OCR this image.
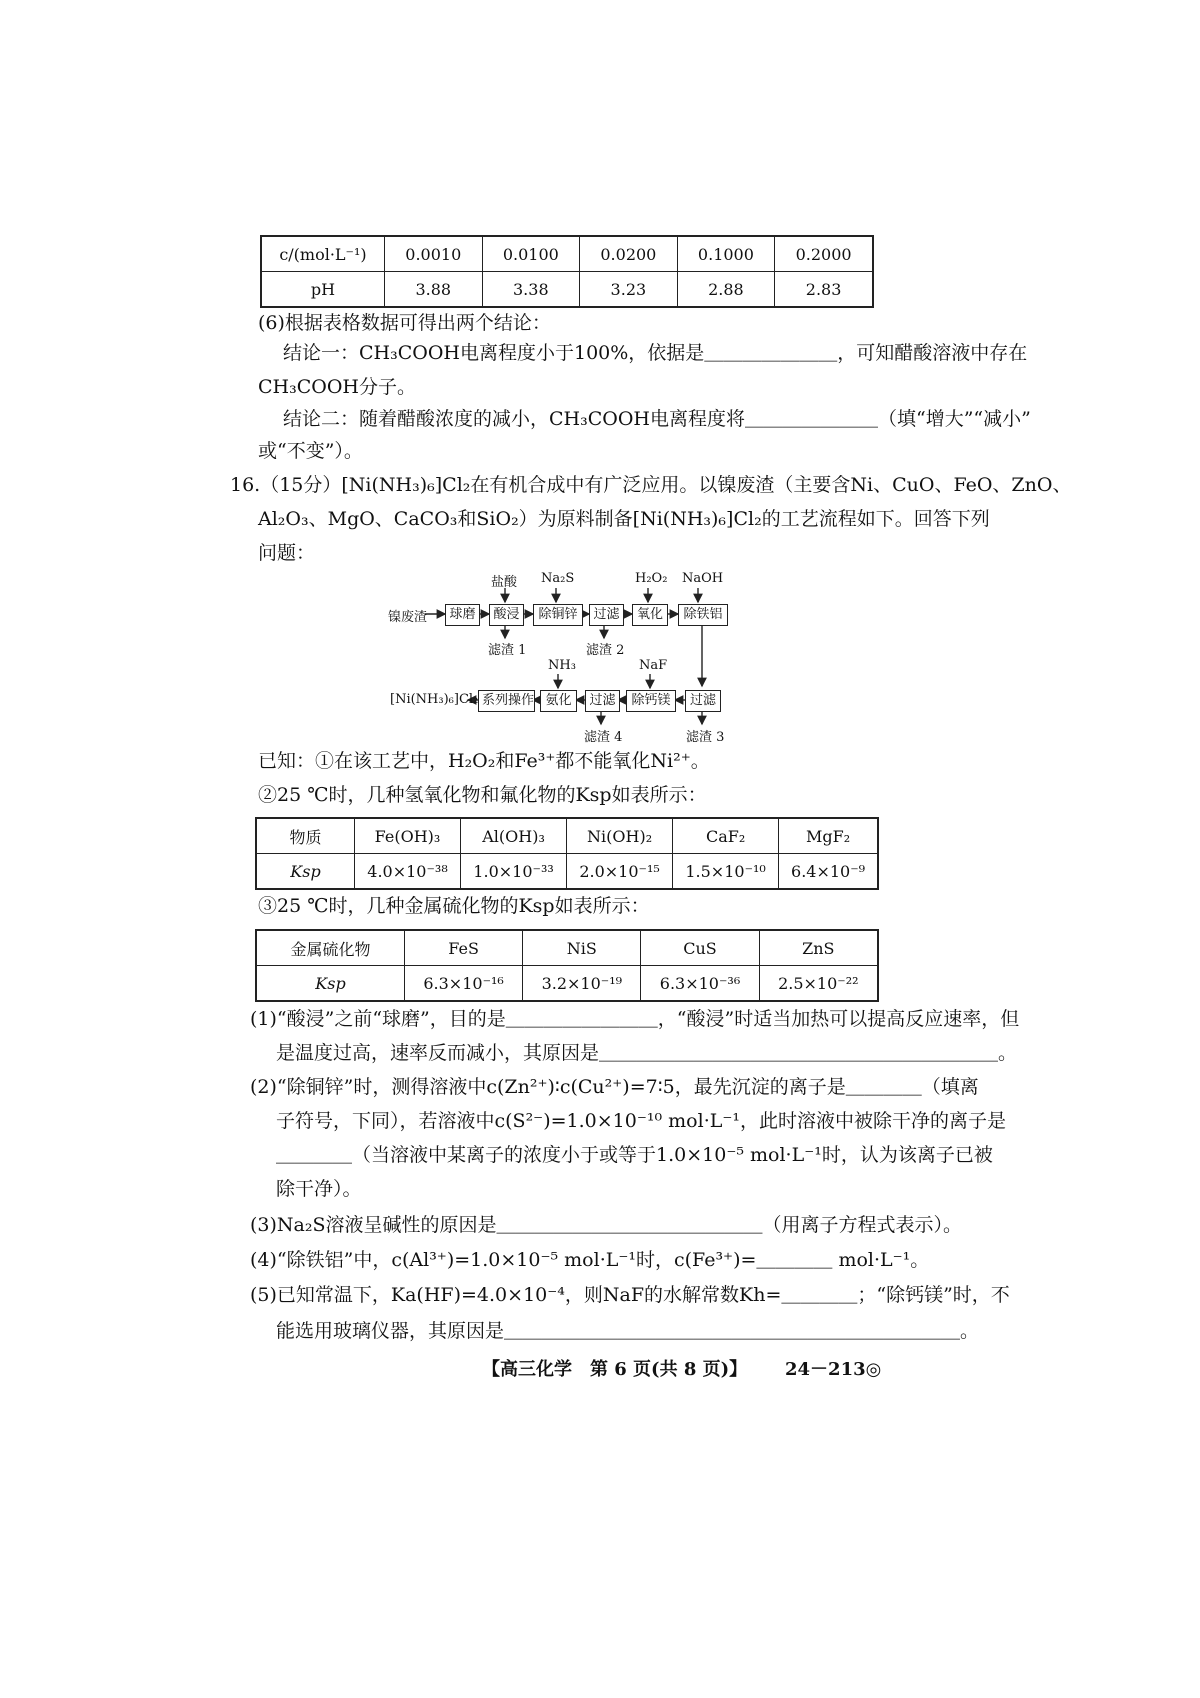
c/(mol·L⁻¹)	0.0010	0.0100	0.0200	0.1000	0.2000
pH	3.88	3.38	3.23	2.88	2.83
(6)根据表格数据可得出两个结论：
结论一：CH₃COOH电离程度小于100%，依据是＿＿＿＿＿＿＿，可知醋酸溶液中存在
CH₃COOH分子。
结论二：随着醋酸浓度的减小，CH₃COOH电离程度将＿＿＿＿＿＿＿（填“增大”“减小”
或“不变”）。
16.（15分）[Ni(NH₃)₆]Cl₂在有机合成中有广泛应用。以镍废渣（主要含Ni、CuO、FeO、ZnO、
Al₂O₃、MgO、CaCO₃和SiO₂）为原料制备[Ni(NH₃)₆]Cl₂的工艺流程如下。回答下列
问题：
镍废渣	球磨	酸浸	除铜锌	过滤	氧化	除铁铝
盐酸 Na₂S	H₂O₂ NaOH
滤渣 1	滤渣 2
[Ni(NH₃)₆]Cl₂ 系列操作 氨化	过滤	除钙镁	过滤
NH₃	NaF
滤渣 4	滤渣 3
已知：①在该工艺中，H₂O₂和Fe³⁺都不能氧化Ni²⁺。
②25 ℃时，几种氢氧化物和氟化物的Ksp如表所示：
物质	Fe(OH)₃	Al(OH)₃	Ni(OH)₂	CaF₂	MgF₂
Ksp	4.0×10⁻³⁸	1.0×10⁻³³	2.0×10⁻¹⁵	1.5×10⁻¹⁰	6.4×10⁻⁹
③25 ℃时，几种金属硫化物的Ksp如表所示：
金属硫化物	FeS	NiS	CuS	ZnS
Ksp	6.3×10⁻¹⁶	3.2×10⁻¹⁹	6.3×10⁻³⁶	2.5×10⁻²²
(1)“酸浸”之前“球磨”，目的是＿＿＿＿＿＿＿＿，“酸浸”时适当加热可以提高反应速率，但
是温度过高，速率反而减小，其原因是＿＿＿＿＿＿＿＿＿＿＿＿＿＿＿＿＿＿＿＿＿。
(2)“除铜锌”时，测得溶液中c(Zn²⁺)∶c(Cu²⁺)=7∶5，最先沉淀的离子是＿＿＿＿（填离
子符号，下同），若溶液中c(S²⁻)=1.0×10⁻¹⁰ mol·L⁻¹，此时溶液中被除干净的离子是
＿＿＿＿（当溶液中某离子的浓度小于或等于1.0×10⁻⁵ mol·L⁻¹时，认为该离子已被
除干净）。
(3)Na₂S溶液呈碱性的原因是＿＿＿＿＿＿＿＿＿＿＿＿＿＿（用离子方程式表示）。
(4)“除铁铝”中，c(Al³⁺)=1.0×10⁻⁵ mol·L⁻¹时，c(Fe³⁺)=＿＿＿＿ mol·L⁻¹。
(5)已知常温下，Ka(HF)=4.0×10⁻⁴，则NaF的水解常数Kh=＿＿＿＿；“除钙镁”时，不
能选用玻璃仪器，其原因是＿＿＿＿＿＿＿＿＿＿＿＿＿＿＿＿＿＿＿＿＿＿＿＿。
【高三化学　第 6 页(共 8 页)】 24－213◎
